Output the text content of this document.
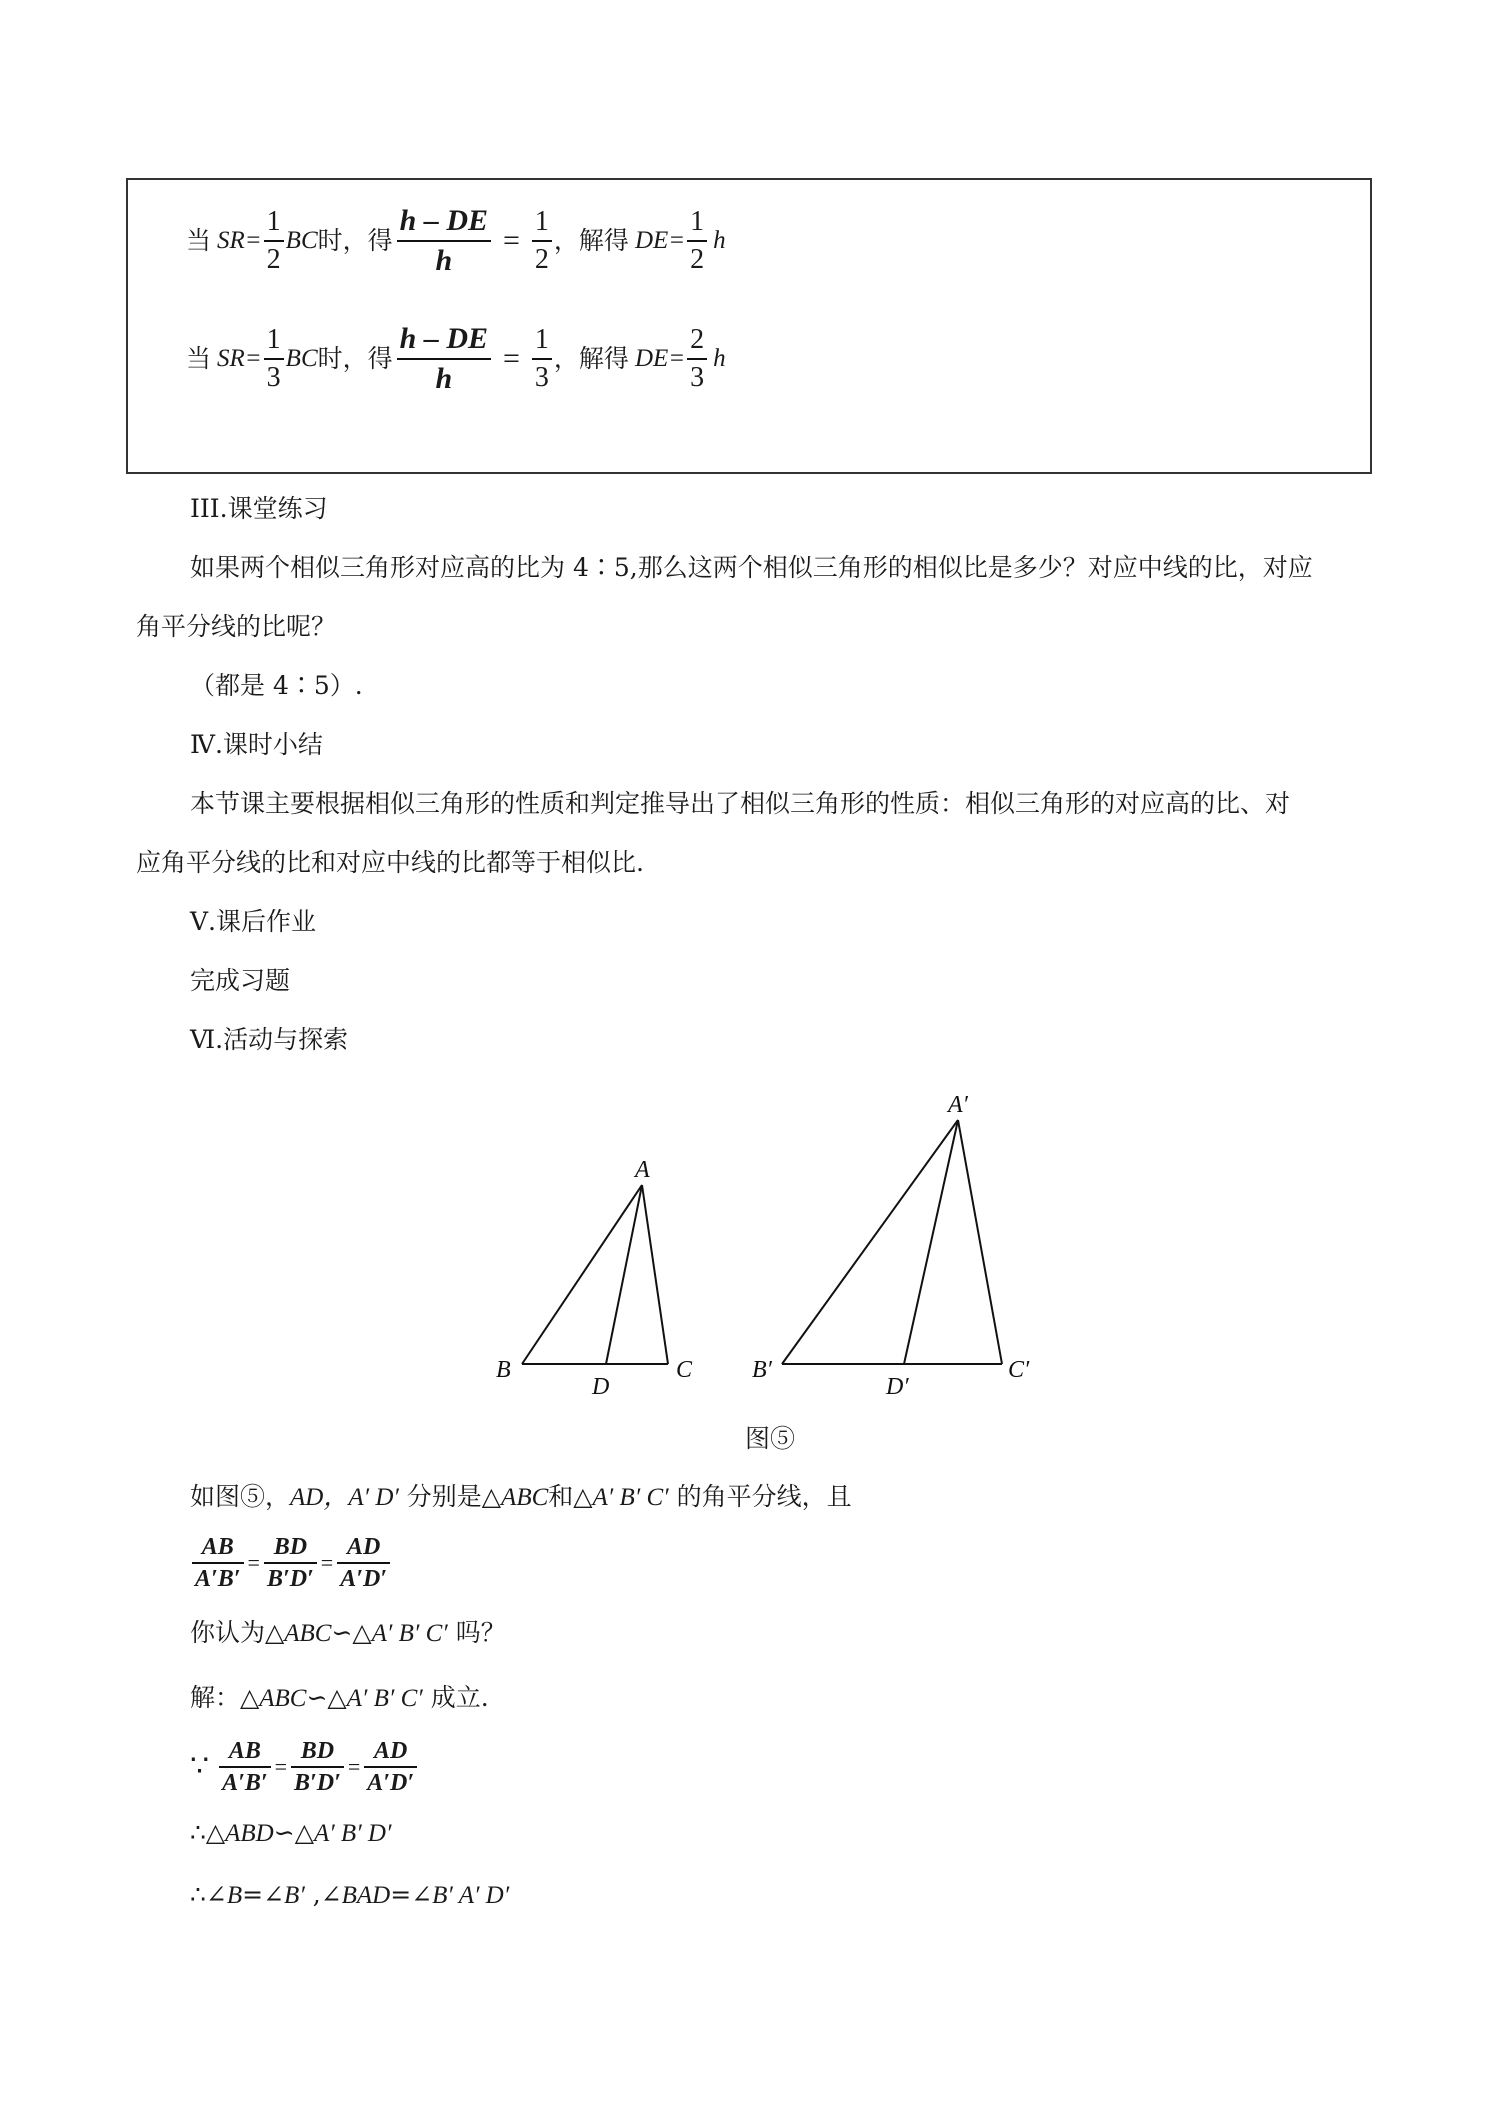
当 $SR= \frac{1}{2}$ BC 时，得 $\frac{h - DE}{h} = \frac{1}{2}$ ，解得 $DE= \frac{1}{2}$ h
当 $SR= \frac{1}{3}$ BC 时，得 $\frac{h - DE}{h} = \frac{1}{3}$ ，解得 $DE= \frac{2}{3}$ h
III.课堂练习
如果两个相似三角形对应高的比为 4∶5,那么这两个相似三角形的相似比是多少？对应中线的比，对应
角平分线的比呢？
（都是 4∶5）.
Ⅳ.课时小结
本节课主要根据相似三角形的性质和判定推导出了相似三角形的性质：相似三角形的对应高的比、对
应角平分线的比和对应中线的比都等于相似比.
Ⅴ.课后作业
完成习题
Ⅵ.活动与探索
A
B	C
D
A′
B′	C′
D′
图⑤
如图⑤，AD，A′ D′ 分别是△ABC和△A′ B′ C′ 的角平分线，且
$\frac{AB}{A'B'} = \frac{BD}{B'D'} = \frac{AD}{A'D'}$
你认为△ABC∽△A′ B′ C′ 吗？
解：△ABC∽△A′ B′ C′ 成立.
∵ $\frac{AB}{A'B'} = \frac{BD}{B'D'} = \frac{AD}{A'D'}$
∴△ABD∽△A′ B′ D′
∴∠B=∠B′ ,∠BAD=∠B′ A′ D′
